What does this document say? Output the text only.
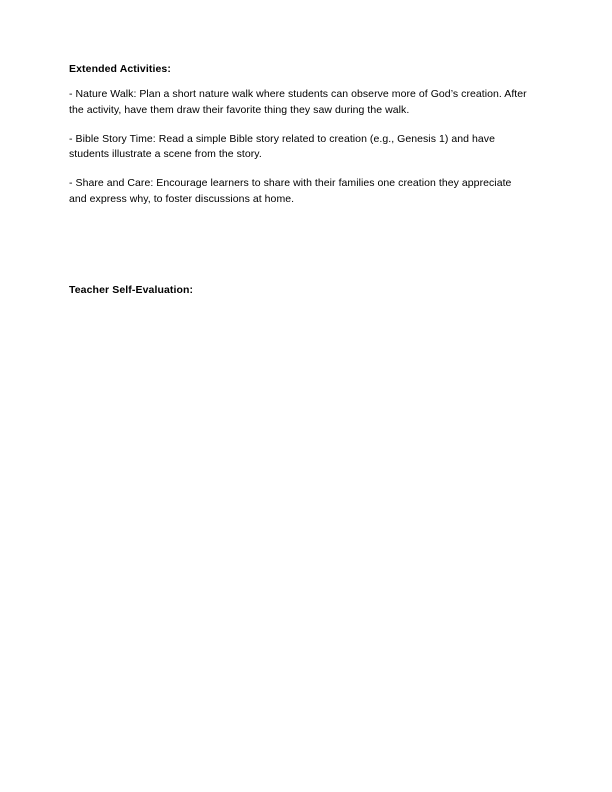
Extended Activities:

- Nature Walk: Plan a short nature walk where students can observe more of God’s creation. After the activity, have them draw their favorite thing they saw during the walk.

- Bible Story Time: Read a simple Bible story related to creation (e.g., Genesis 1) and have students illustrate a scene from the story.

- Share and Care: Encourage learners to share with their families one creation they appreciate and express why, to foster discussions at home.

Teacher Self-Evaluation:
